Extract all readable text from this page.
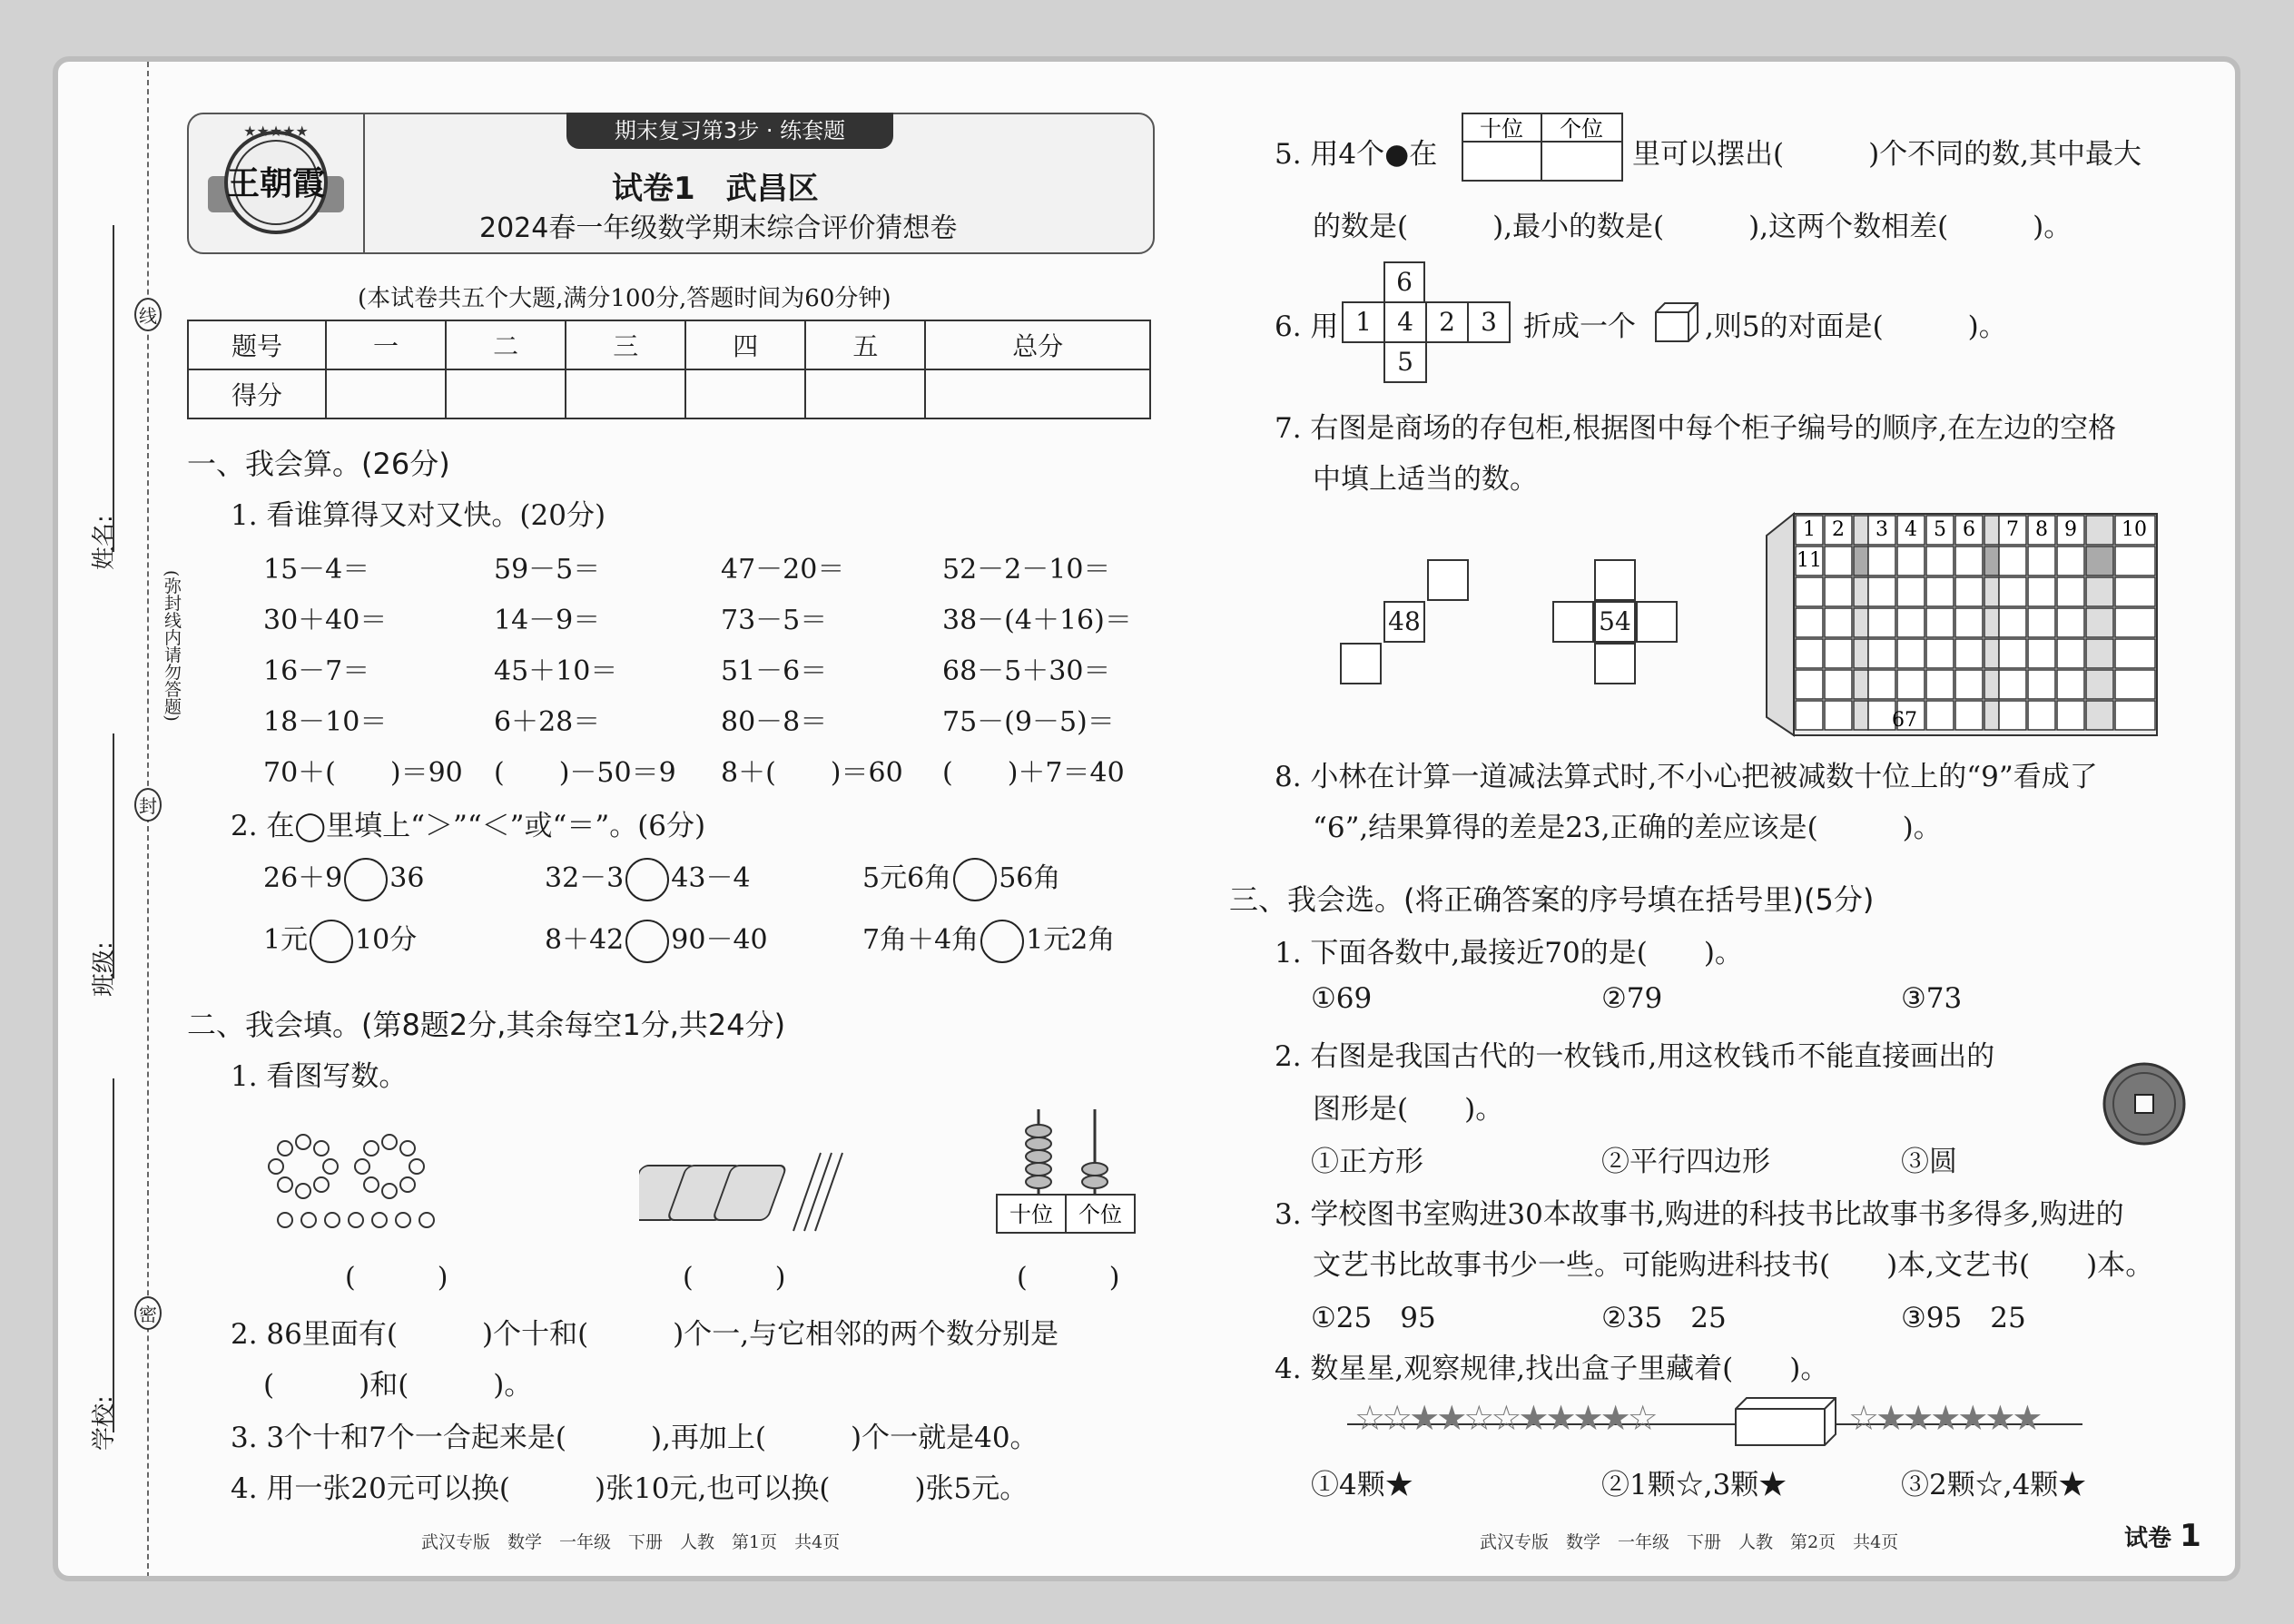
学校:
班级:
姓名:
线
封
密
(弥封线内请勿答题)
★★★★★
王朝霞
期末复习第3步 · 练套题
试卷1　武昌区
2024春一年级数学期末综合评价猜想卷
(本试卷共五个大题,满分100分,答题时间为60分钟)
题号	一	二	三	四	五	总分
得分						
一、我会算。(26分)
1. 看谁算得又对又快。(20分)
15－4＝	59－5＝	47－20＝	52－2－10＝
30＋40＝	14－9＝	73－5＝	38－(4＋16)＝
16－7＝	45＋10＝	51－6＝	68－5＋30＝
18－10＝	6＋28＝	80－8＝	75－(9－5)＝
70＋(　　)＝90 (　　)－50＝9 8＋(　　)＝60 (　　)＋7＝40
2. 在◯里填上“＞”“＜”或“＝”。(6分)
26＋9 36	32－3 43－4	5元6角 56角
1元 10分	8＋42 90－40	7角＋4角 1元2角
二、我会填。(第8题2分,其余每空1分,共24分)
1. 看图写数。
(　　　)	(　　　)
十位 个位
(　　　)
2. 86里面有(　　　)个十和(　　　)个一,与它相邻的两个数分别是
(　　　)和(　　　)。
3. 3个十和7个一合起来是(　　　),再加上(　　　)个一就是40。
4. 用一张20元可以换(　　　)张10元,也可以换(　　　)张5元。
武汉专版　数学　一年级　下册　人教　第1页　共4页
5. 用4个●在
十位 个位
里可以摆出(　　　)个不同的数,其中最大
的数是(　　　),最小的数是(　　　),这两个数相差(　　　)。
6. 用
6
1	4	2	3
5
折成一个 ,则5的对面是(　　　)。
7. 右图是商场的存包柜,根据图中每个柜子编号的顺序,在左边的空格
中填上适当的数。
48	54
67
11
1 2 3 4 5 6 7 8 9 10
8. 小林在计算一道减法算式时,不小心把被减数十位上的“9”看成了
“6”,结果算得的差是23,正确的差应该是(　　　)。
三、我会选。(将正确答案的序号填在括号里)(5分)
1. 下面各数中,最接近70的是(　　)。
①69	②79	③73
2. 右图是我国古代的一枚钱币,用这枚钱币不能直接画出的
图形是(　　)。
①正方形	②平行四边形	③圆
3. 学校图书室购进30本故事书,购进的科技书比故事书多得多,购进的
文艺书比故事书少一些。可能购进科技书(　　)本,文艺书(　　)本。
①25　95	②35　25	③95　25
4. 数星星,观察规律,找出盒子里藏着(　　)。
☆☆★★☆☆★★★★☆	☆★★★★★★
①4颗★	②1颗☆,3颗★	③2颗☆,4颗★
武汉专版　数学　一年级　下册　人教　第2页　共4页	试卷 1
